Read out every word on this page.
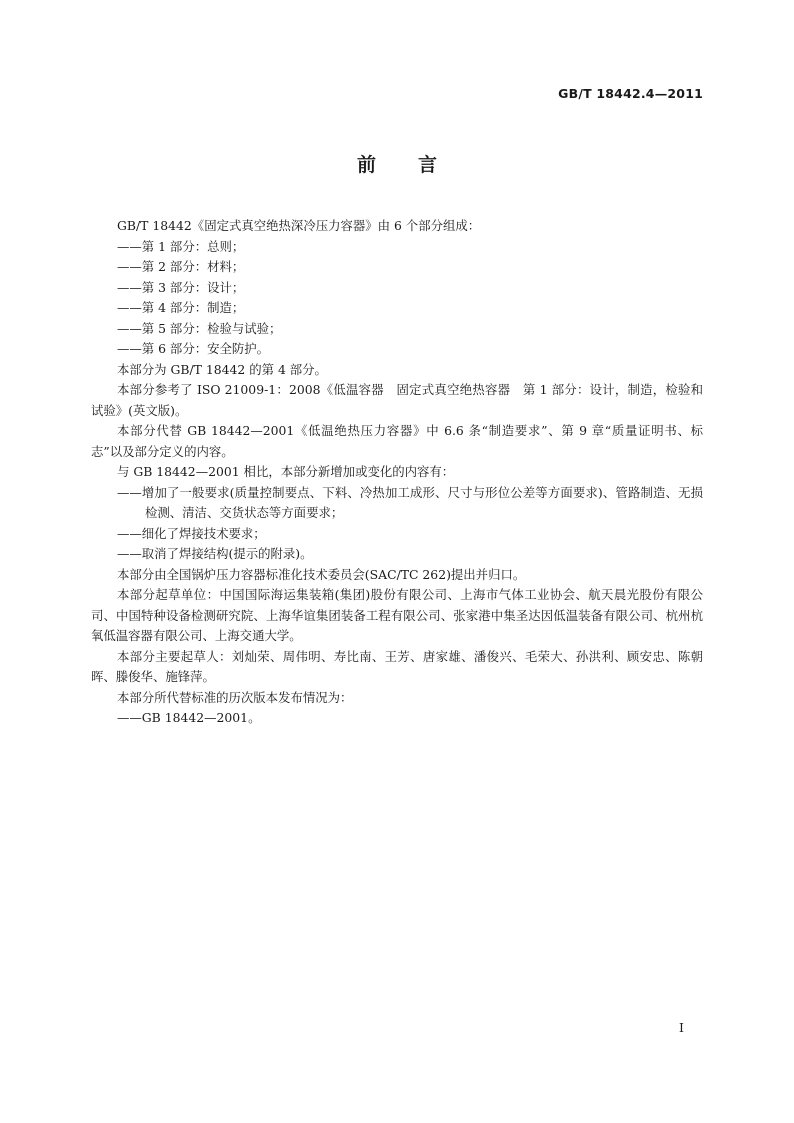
GB/T 18442.4—2011
前言

GB/T 18442《固定式真空绝热深冷压力容器》由 6 个部分组成：

——第 1 部分：总则；

——第 2 部分：材料；

——第 3 部分：设计；

——第 4 部分：制造；

——第 5 部分：检验与试验；

——第 6 部分：安全防护。

本部分为 GB/T 18442 的第 4 部分。

本部分参考了 ISO 21009-1：2008《低温容器　固定式真空绝热容器　第 1 部分：设计，制造，检验和试验》(英文版)。

本部分代替 GB 18442—2001《低温绝热压力容器》中 6.6 条“制造要求”、第 9 章“质量证明书、标志”以及部分定义的内容。

与 GB 18442—2001 相比，本部分新增加或变化的内容有：

——增加了一般要求(质量控制要点、下料、冷热加工成形、尺寸与形位公差等方面要求)、管路制造、无损检测、清洁、交货状态等方面要求；

——细化了焊接技术要求；

——取消了焊接结构(提示的附录)。

本部分由全国锅炉压力容器标准化技术委员会(SAC/TC 262)提出并归口。

本部分起草单位：中国国际海运集装箱(集团)股份有限公司、上海市气体工业协会、航天晨光股份有限公司、中国特种设备检测研究院、上海华谊集团装备工程有限公司、张家港中集圣达因低温装备有限公司、杭州杭氧低温容器有限公司、上海交通大学。

本部分主要起草人：刘灿荣、周伟明、寿比南、王芳、唐家雄、潘俊兴、毛荣大、孙洪利、顾安忠、陈朝晖、滕俊华、施锋萍。

本部分所代替标准的历次版本发布情况为：

——GB 18442—2001。

I
